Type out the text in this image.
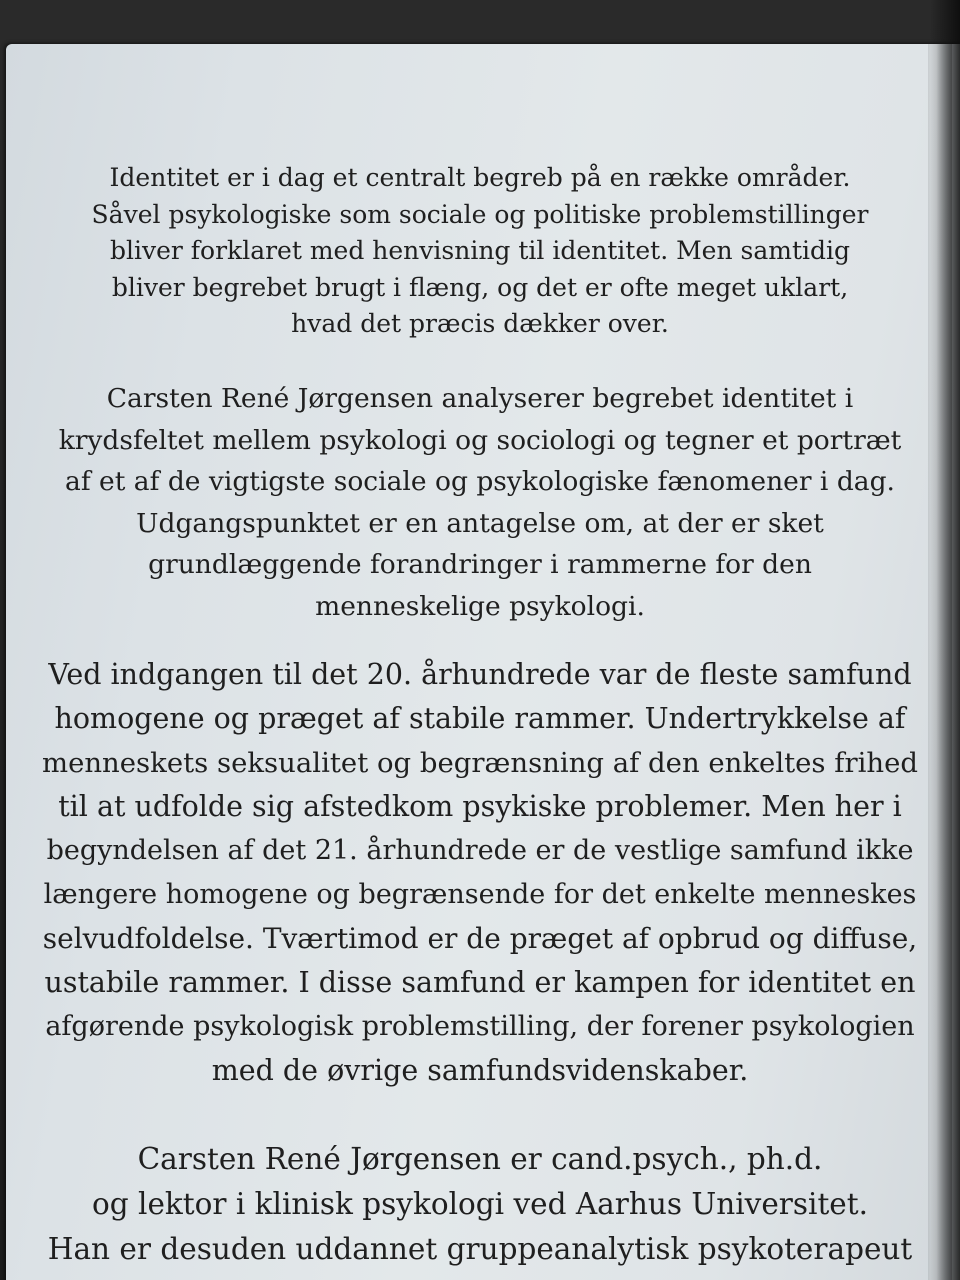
Identitet er i dag et centralt begreb på en række områder.
Såvel psykologiske som sociale og politiske problemstillinger
bliver forklaret med henvisning til identitet. Men samtidig
bliver begrebet brugt i flæng, og det er ofte meget uklart,
hvad det præcis dækker over.
Carsten René Jørgensen analyserer begrebet identitet i
krydsfeltet mellem psykologi og sociologi og tegner et portræt
af et af de vigtigste sociale og psykologiske fænomener i dag.
Udgangspunktet er en antagelse om, at der er sket
grundlæggende forandringer i rammerne for den
menneskelige psykologi.
Ved indgangen til det 20. århundrede var de fleste samfund
homogene og præget af stabile rammer. Undertrykkelse af
menneskets seksualitet og begrænsning af den enkeltes frihed
til at udfolde sig afstedkom psykiske problemer. Men her i
begyndelsen af det 21. århundrede er de vestlige samfund ikke
længere homogene og begrænsende for det enkelte menneskes
selvudfoldelse. Tværtimod er de præget af opbrud og diffuse,
ustabile rammer. I disse samfund er kampen for identitet en
afgørende psykologisk problemstilling, der forener psykologien
med de øvrige samfundsvidenskaber.
Carsten René Jørgensen er cand.psych., ph.d.
og lektor i klinisk psykologi ved Aarhus Universitet.
Han er desuden uddannet gruppeanalytisk psykoterapeut
